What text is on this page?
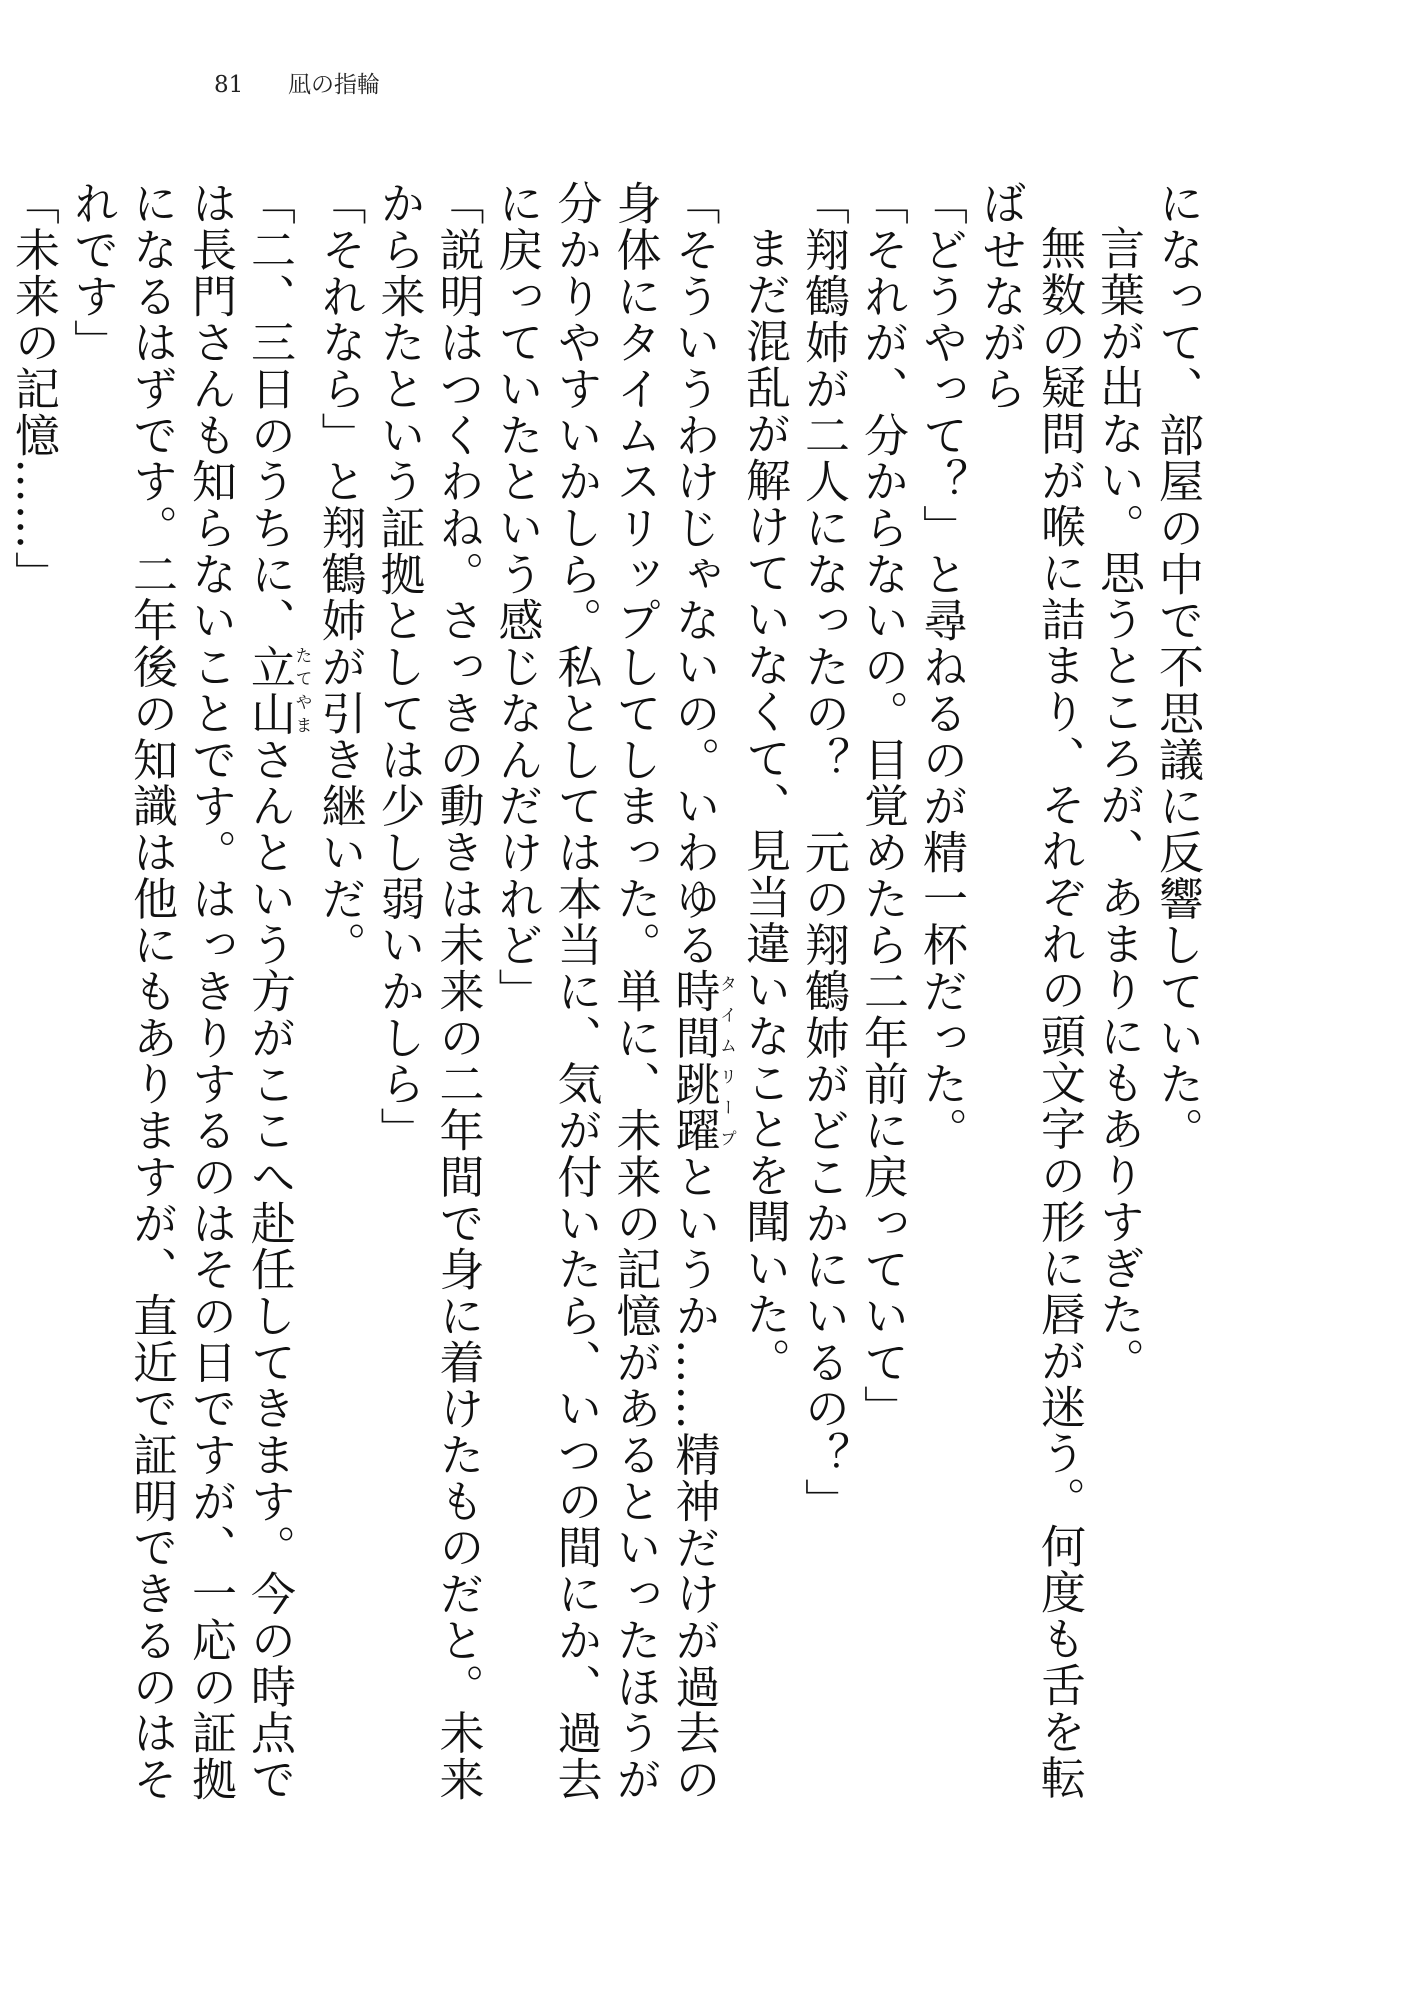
81 凪の指輪

になって、部屋の中で不思議に反響していた。

言葉が出ない。思うところが、あまりにもありすぎた。

無数の疑問が喉に詰まり、それぞれの頭文字の形に唇が迷う。何度も舌を転ばせながら

「どうやって？」と尋ねるのが精一杯だった。

「それが、分からないの。目覚めたら二年前に戻っていて」

「翔鶴姉が二人になったの？　元の翔鶴姉がどこかにいるの？」

まだ混乱が解けていなくて、見当違いなことを聞いた。

「そういうわけじゃないの。いわゆる時間跳躍タイムリープというか……精神だけが過去の身体にタイムスリップしてしまった。単に、未来の記憶があるといったほうが分かりやすいかしら。私としては本当に、気が付いたら、いつの間にか、過去に戻っていたという感じなんだけれど」

「説明はつくわね。さっきの動きは未来の二年間で身に着けたものだと。未来から来たという証拠としては少し弱いかしら」

「それなら」と翔鶴姉が引き継いだ。

「二、三日のうちに、立山たてやまさんという方がここへ赴任してきます。今の時点では長門さんも知らないことです。はっきりするのはその日ですが、一応の証拠になるはずです。二年後の知識は他にもありますが、直近で証明できるのはそれです」

「未来の記憶……」
